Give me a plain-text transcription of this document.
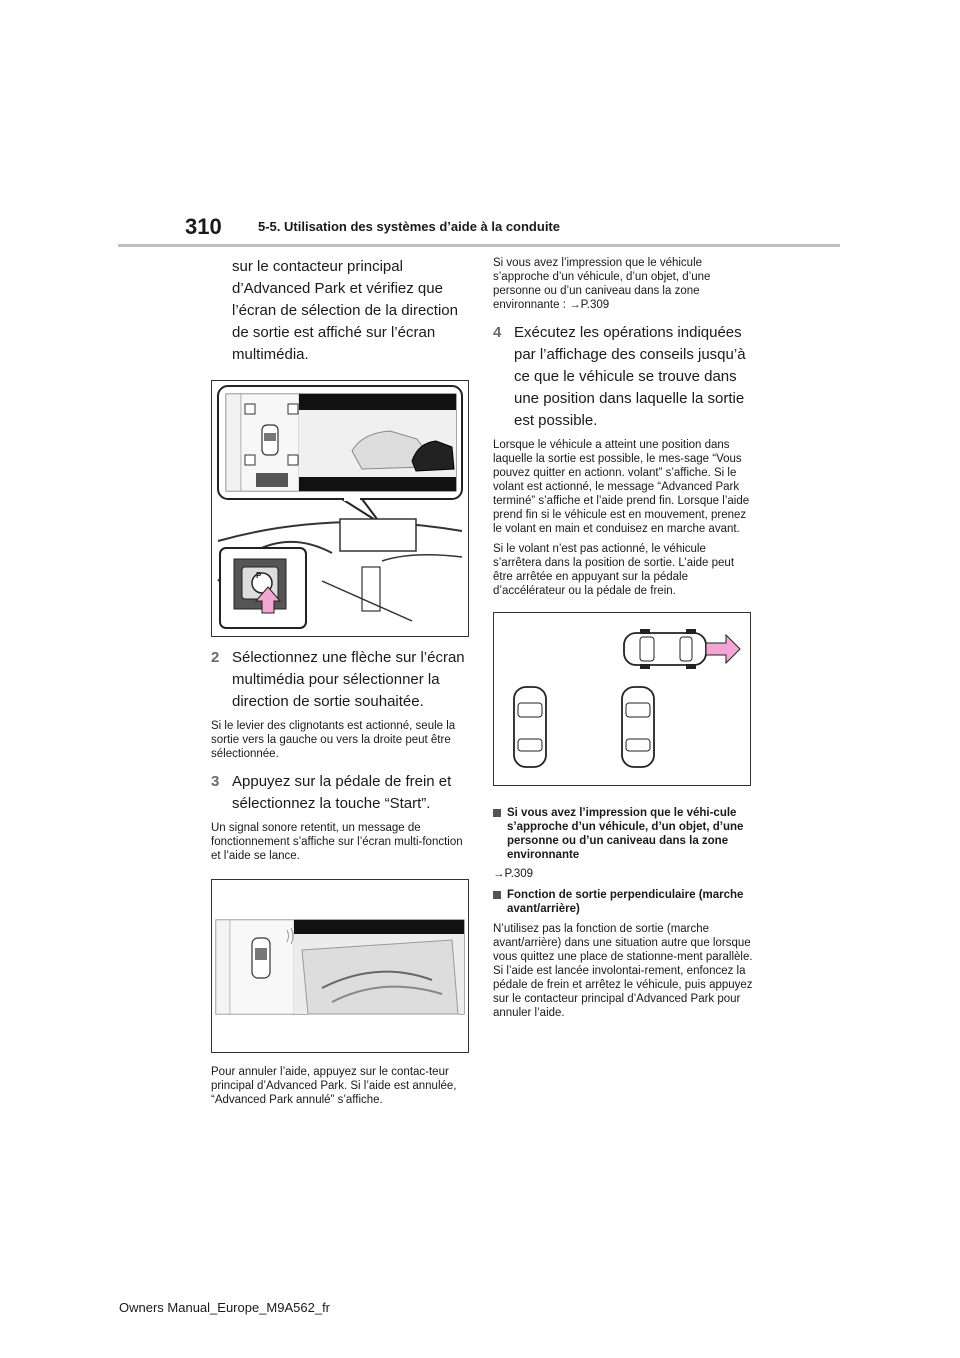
310	5-5. Utilisation des systèmes d’aide à la conduite
sur le contacteur principal d’Advanced Park et vérifiez que l’écran de sélection de la direction de sortie est affiché sur l’écran multimédia.
P
2 Sélectionnez une flèche sur l’écran multimédia pour sélectionner la direction de sortie souhaitée.
Si le levier des clignotants est actionné, seule la sortie vers la gauche ou vers la droite peut être sélectionnée.
3 Appuyez sur la pédale de frein et sélectionnez la touche “Start”.
Un signal sonore retentit, un message de fonctionnement s’affiche sur l’écran multi-fonction et l’aide se lance.
Pour annuler l’aide, appuyez sur le contac-teur principal d’Advanced Park. Si l’aide est annulée, “Advanced Park annulé” s’affiche.
Si vous avez l’impression que le véhicule s’approche d’un véhicule, d’un objet, d’une personne ou d’un caniveau dans la zone environnante : →P.309
4 Exécutez les opérations indiquées par l’affichage des conseils jusqu’à ce que le véhicule se trouve dans une position dans laquelle la sortie est possible.
Lorsque le véhicule a atteint une position dans laquelle la sortie est possible, le mes-sage “Vous pouvez quitter en actionn. volant” s’affiche. Si le volant est actionné, le message “Advanced Park terminé” s’affiche et l’aide prend fin. Lorsque l’aide prend fin si le véhicule est en mouvement, prenez le volant en main et conduisez en marche avant.
Si le volant n’est pas actionné, le véhicule s’arrêtera dans la position de sortie. L’aide peut être arrêtée en appuyant sur la pédale d’accélérateur ou la pédale de frein.
Si vous avez l’impression que le véhi-cule s’approche d’un véhicule, d’un objet, d’une personne ou d’un caniveau dans la zone environnante
→P.309
Fonction de sortie perpendiculaire (marche avant/arrière)
N’utilisez pas la fonction de sortie (marche avant/arrière) dans une situation autre que lorsque vous quittez une place de stationne-ment parallèle. Si l’aide est lancée involontai-rement, enfoncez la pédale de frein et arrêtez le véhicule, puis appuyez sur le contacteur principal d’Advanced Park pour annuler l’aide.
Owners Manual_Europe_M9A562_fr
